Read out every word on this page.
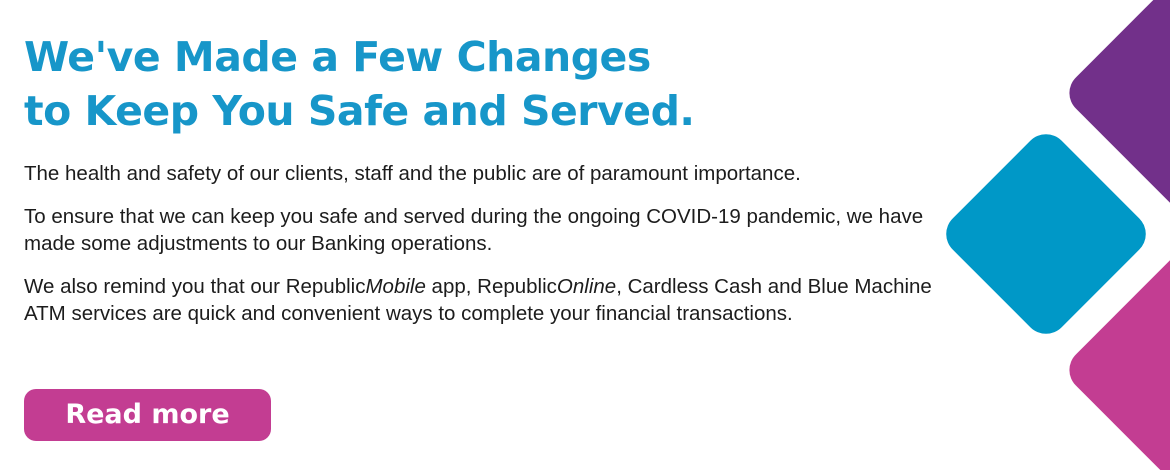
We've Made a Few Changes
to Keep You Safe and Served.

The health and safety of our clients, staff and the public are of paramount importance.

To ensure that we can keep you safe and served during the ongoing COVID-19 pandemic, we have made some adjustments to our Banking operations.

We also remind you that our RepublicMobile app, RepublicOnline, Cardless Cash and Blue Machine ATM services are quick and convenient ways to complete your financial transactions.

Read more
